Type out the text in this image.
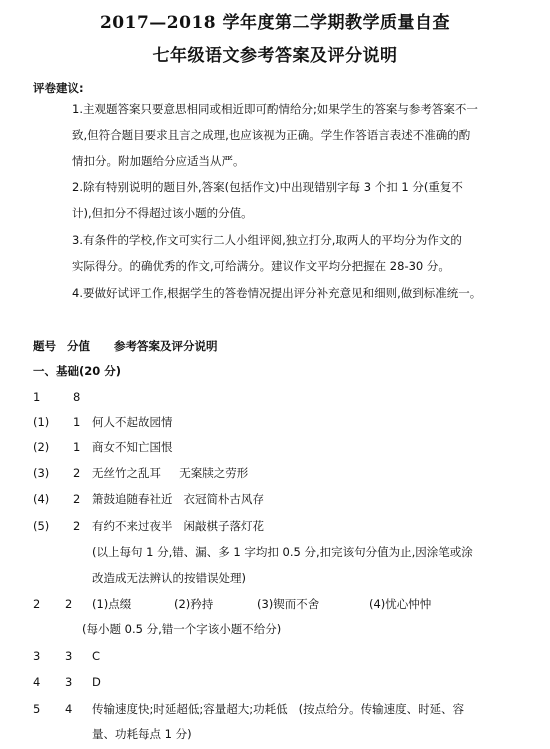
2017—2018 学年度第二学期教学质量自查
七年级语文参考答案及评分说明
评卷建议:
1.主观题答案只要意思相同或相近即可酌情给分;如果学生的答案与参考答案不一
致,但符合题目要求且言之成理,也应该视为正确。学生作答语言表述不准确的酌
情扣分。附加题给分应适当从严。
2.除有特别说明的题目外,答案(包括作文)中出现错别字每 3 个扣 1 分(重复不
计),但扣分不得超过该小题的分值。
3.有条件的学校,作文可实行二人小组评阅,独立打分,取两人的平均分为作文的
实际得分。的确优秀的作文,可给满分。建议作文平均分把握在 28-30 分。
4.要做好试评工作,根据学生的答卷情况提出评分补充意见和细则,做到标准统一。
题号 分值 参考答案及评分说明
一、基础(20 分)
1	8
(1) 1 何人不起故园情
(2) 1 商女不知亡国恨
(3) 2 无丝竹之乱耳     无案牍之劳形
(4) 2 箫鼓追随春社近   衣冠简朴古风存
(5) 2 有约不来过夜半   闲敲棋子落灯花
(以上每句 1 分,错、漏、多 1 字均扣 0.5 分,扣完该句分值为止,因涂笔或涂
改造成无法辨认的按错误处理)
2 2 (1)点缀	(2)矜持	(3)锲而不舍	(4)忧心忡忡
(每小题 0.5 分,错一个字该小题不给分)
3 3 C
4 3 D
5 4 传输速度快;时延超低;容量超大;功耗低   (按点给分。传输速度、时延、容
量、功耗每点 1 分)
